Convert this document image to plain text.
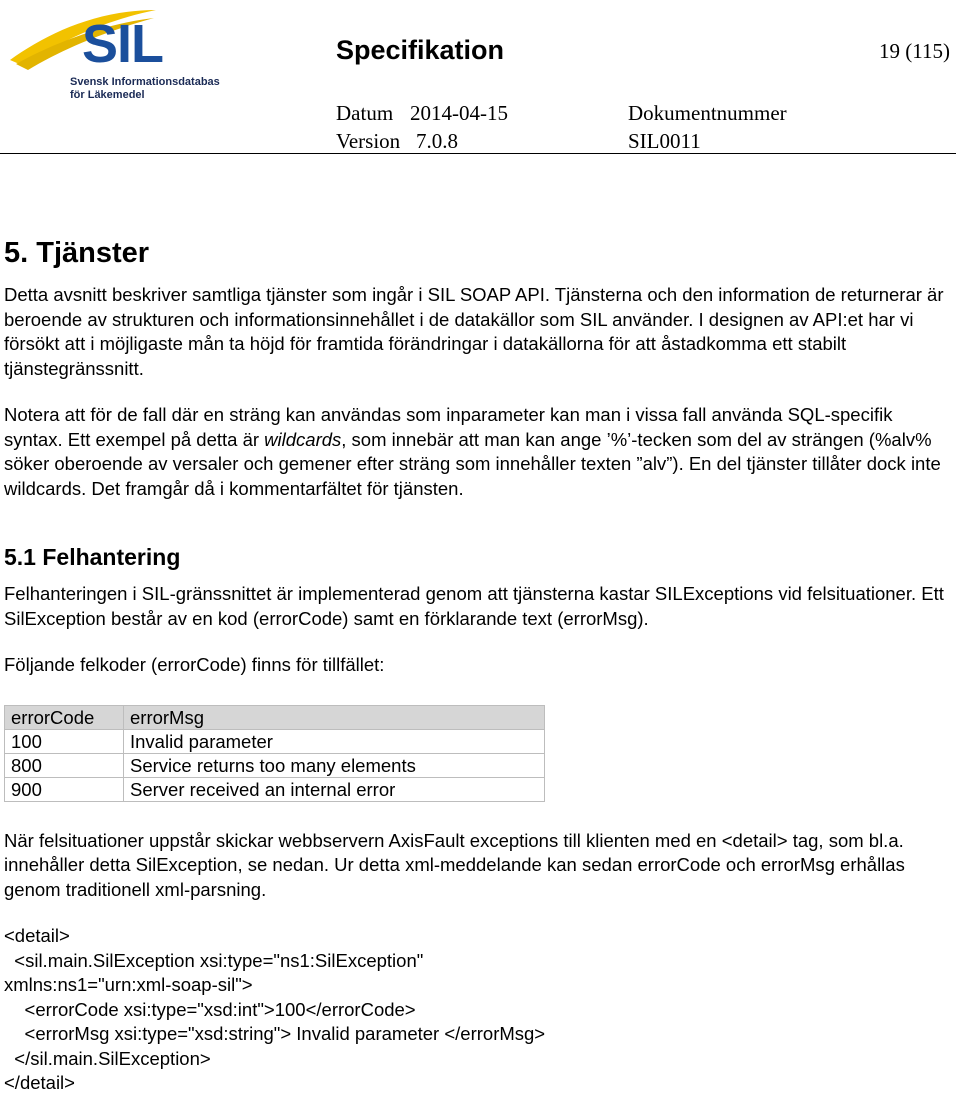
SIL
Svensk Informationsdatabas
för Läkemedel
Specifikation	19 (115)
Datum 2014-04-15
Version 7.0.8
Dokumentnummer
SIL0011
5. Tjänster

Detta avsnitt beskriver samtliga tjänster som ingår i SIL SOAP API. Tjänsterna och den information de returnerar är beroende av strukturen och informationsinnehållet i de datakällor som SIL använder. I designen av API:et har vi försökt att i möjligaste mån ta höjd för framtida förändringar i datakällorna för att åstadkomma ett stabilt tjänstegränssnitt.

Notera att för de fall där en sträng kan användas som inparameter kan man i vissa fall använda SQL-specifik syntax. Ett exempel på detta är wildcards, som innebär att man kan ange ’%’-tecken som del av strängen (%alv% söker oberoende av versaler och gemener efter sträng som innehåller texten ”alv”). En del tjänster tillåter dock inte wildcards. Det framgår då i kommentarfältet för tjänsten.

5.1 Felhantering

Felhanteringen i SIL-gränssnittet är implementerad genom att tjänsterna kastar SILExceptions vid felsituationer. Ett SilException består av en kod (errorCode) samt en förklarande text (errorMsg).

Följande felkoder (errorCode) finns för tillfället:

errorCode	errorMsg
100	Invalid parameter
800	Service returns too many elements
900	Server received an internal error

När felsituationer uppstår skickar webbservern AxisFault exceptions till klienten med en <detail> tag, som bl.a. innehåller detta SilException, se nedan. Ur detta xml-meddelande kan sedan errorCode och errorMsg erhållas genom traditionell xml-parsning.

<detail>
<sil.main.SilException xsi:type="ns1:SilException"
xmlns:ns1="urn:xml-soap-sil">
<errorCode xsi:type="xsd:int">100</errorCode>
<errorMsg xsi:type="xsd:string"> Invalid parameter </errorMsg>
</sil.main.SilException>
</detail>
